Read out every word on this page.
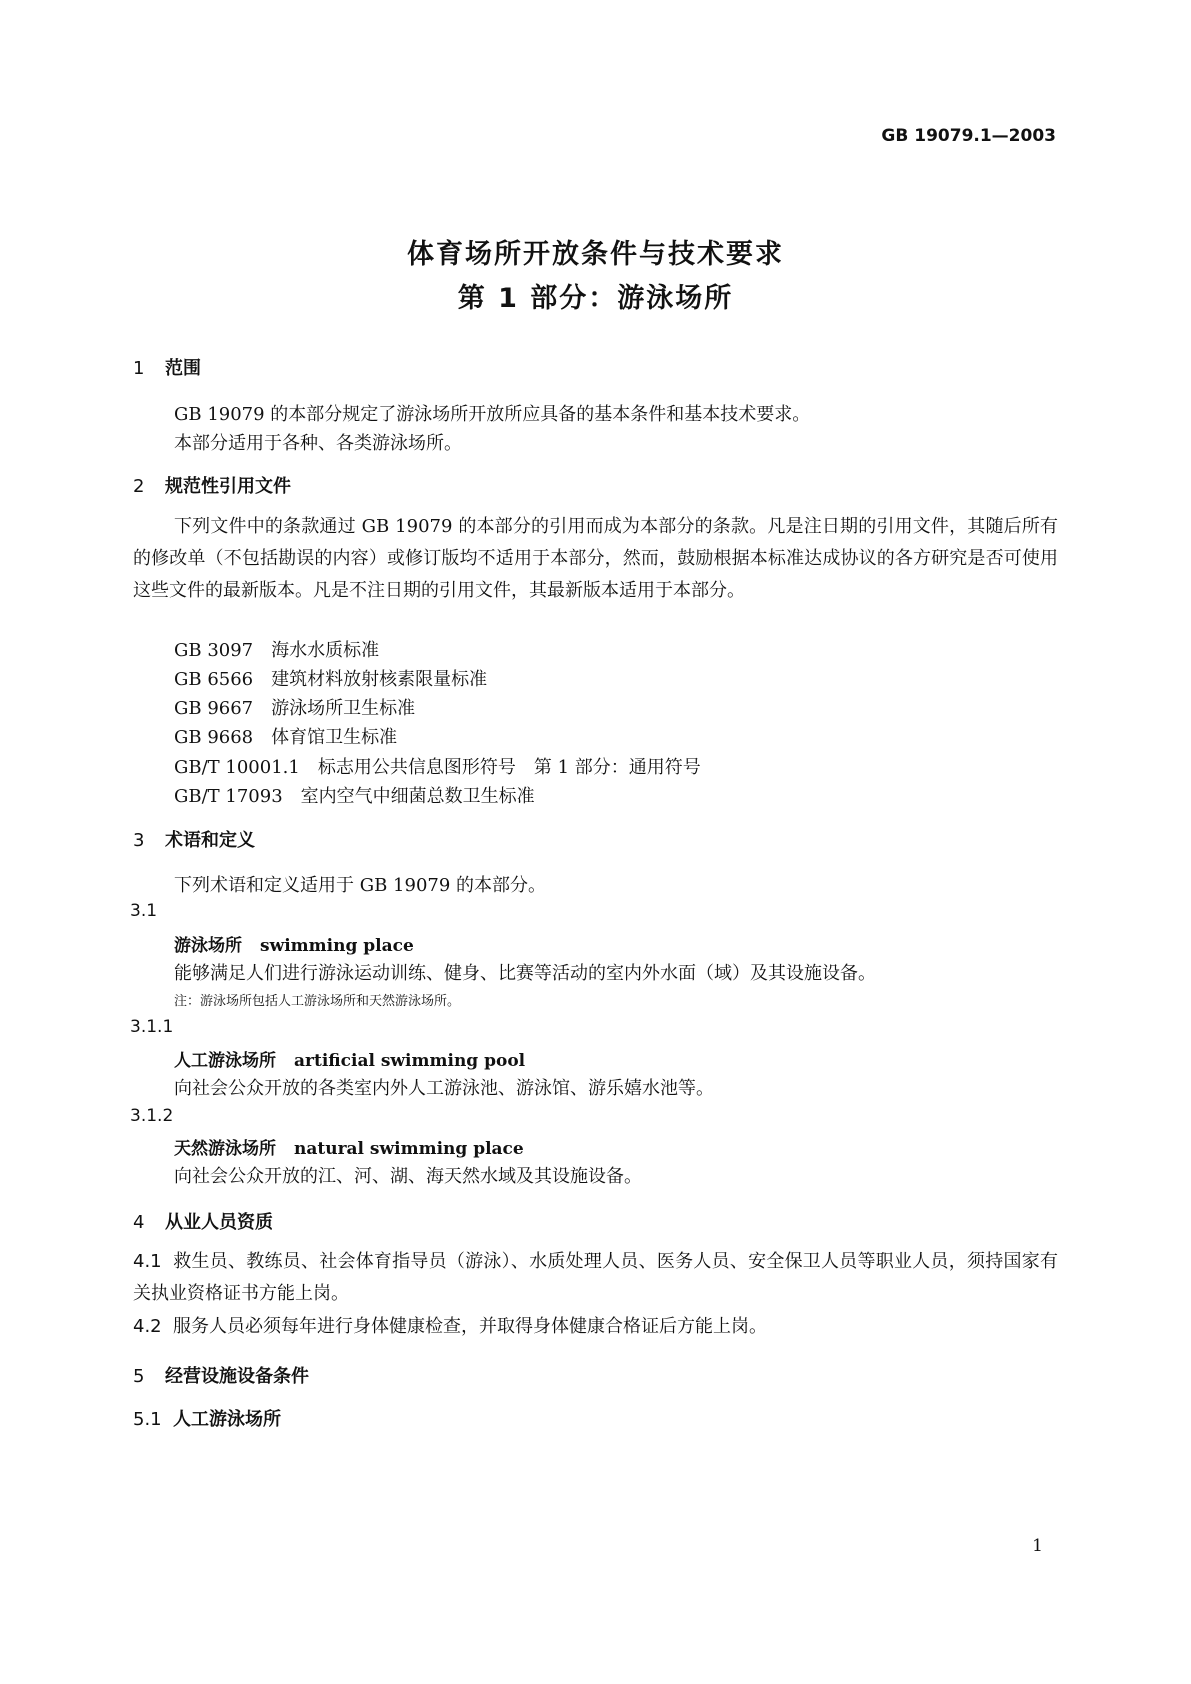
GB 19079.1—2003
体育场所开放条件与技术要求
第 1 部分：游泳场所
1 范围
GB 19079 的本部分规定了游泳场所开放所应具备的基本条件和基本技术要求。
本部分适用于各种、各类游泳场所。
2 规范性引用文件
下列文件中的条款通过 GB 19079 的本部分的引用而成为本部分的条款。凡是注日期的引用文件，其随后所有的修改单（不包括勘误的内容）或修订版均不适用于本部分，然而，鼓励根据本标准达成协议的各方研究是否可使用这些文件的最新版本。凡是不注日期的引用文件，其最新版本适用于本部分。
GB 3097 海水水质标准
GB 6566 建筑材料放射核素限量标准
GB 9667 游泳场所卫生标准
GB 9668 体育馆卫生标准
GB/T 10001.1 标志用公共信息图形符号　第 1 部分：通用符号
GB/T 17093 室内空气中细菌总数卫生标准
3 术语和定义
下列术语和定义适用于 GB 19079 的本部分。
3.1
游泳场所 swimming place
能够满足人们进行游泳运动训练、健身、比赛等活动的室内外水面（域）及其设施设备。
注：游泳场所包括人工游泳场所和天然游泳场所。
3.1.1
人工游泳场所 artificial swimming pool
向社会公众开放的各类室内外人工游泳池、游泳馆、游乐嬉水池等。
3.1.2
天然游泳场所 natural swimming place
向社会公众开放的江、河、湖、海天然水域及其设施设备。
4 从业人员资质
4.1 救生员、教练员、社会体育指导员（游泳）、水质处理人员、医务人员、安全保卫人员等职业人员，须持国家有关执业资格证书方能上岗。
4.2 服务人员必须每年进行身体健康检查，并取得身体健康合格证后方能上岗。
5 经营设施设备条件
5.1 人工游泳场所
1
